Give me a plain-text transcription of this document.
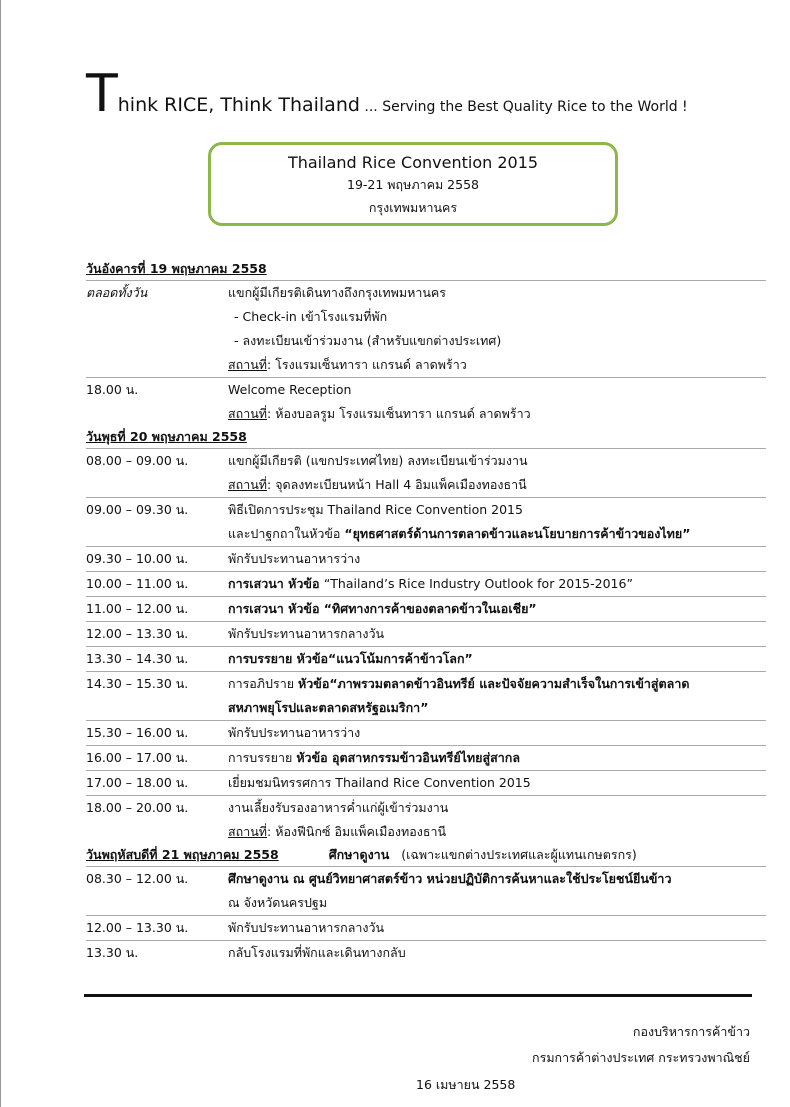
Think RICE, Think Thailand ... Serving the Best Quality Rice to the World !
Thailand Rice Convention 2015
19-21 พฤษภาคม 2558
กรุงเทพมหานคร
วันอังคารที่ 19 พฤษภาคม 2558
ตลอดทั้งวัน	แขกผู้มีเกียรติเดินทางถึงกรุงเทพมหานคร
- Check-in เข้าโรงแรมที่พัก
- ลงทะเบียนเข้าร่วมงาน (สำหรับแขกต่างประเทศ)
สถานที่: โรงแรมเซ็นทารา แกรนด์ ลาดพร้าว
18.00 น.	Welcome Reception
สถานที่: ห้องบอลรูม โรงแรมเซ็นทารา แกรนด์ ลาดพร้าว
วันพุธที่ 20 พฤษภาคม 2558
08.00 – 09.00 น.	แขกผู้มีเกียรติ (แขกประเทศไทย) ลงทะเบียนเข้าร่วมงาน
สถานที่: จุดลงทะเบียนหน้า Hall 4 อิมแพ็คเมืองทองธานี
09.00 – 09.30 น.	พิธีเปิดการประชุม Thailand Rice Convention 2015
และปาฐกถาในหัวข้อ “ยุทธศาสตร์ด้านการตลาดข้าวและนโยบายการค้าข้าวของไทย”
09.30 – 10.00 น.	พักรับประทานอาหารว่าง
10.00 – 11.00 น.	การเสวนา หัวข้อ “Thailand’s Rice Industry Outlook for 2015-2016”
11.00 – 12.00 น.	การเสวนา หัวข้อ “ทิศทางการค้าของตลาดข้าวในเอเชีย”
12.00 – 13.30 น.	พักรับประทานอาหารกลางวัน
13.30 – 14.30 น.	การบรรยาย หัวข้อ“แนวโน้มการค้าข้าวโลก”
14.30 – 15.30 น.	การอภิปราย หัวข้อ“ภาพรวมตลาดข้าวอินทรีย์ และปัจจัยความสำเร็จในการเข้าสู่ตลาด
สหภาพยุโรปและตลาดสหรัฐอเมริกา”
15.30 – 16.00 น.	พักรับประทานอาหารว่าง
16.00 – 17.00 น.	การบรรยาย หัวข้อ อุตสาหกรรมข้าวอินทรีย์ไทยสู่สากล
17.00 – 18.00 น.	เยี่ยมชมนิทรรศการ Thailand Rice Convention 2015
18.00 – 20.00 น.	งานเลี้ยงรับรองอาหารค่ำแก่ผู้เข้าร่วมงาน
สถานที่: ห้องฟีนิกซ์ อิมแพ็คเมืองทองธานี
วันพฤหัสบดีที่ 21 พฤษภาคม 2558	ศึกษาดูงาน (เฉพาะแขกต่างประเทศและผู้แทนเกษตรกร)
08.30 – 12.00 น.	ศึกษาดูงาน ณ ศูนย์วิทยาศาสตร์ข้าว หน่วยปฏิบัติการค้นหาและใช้ประโยชน์ยีนข้าว
ณ จังหวัดนครปฐม
12.00 – 13.30 น.	พักรับประทานอาหารกลางวัน
13.30 น.	กลับโรงแรมที่พักและเดินทางกลับ
กองบริหารการค้าข้าว
กรมการค้าต่างประเทศ กระทรวงพาณิชย์
16 เมษายน 2558
